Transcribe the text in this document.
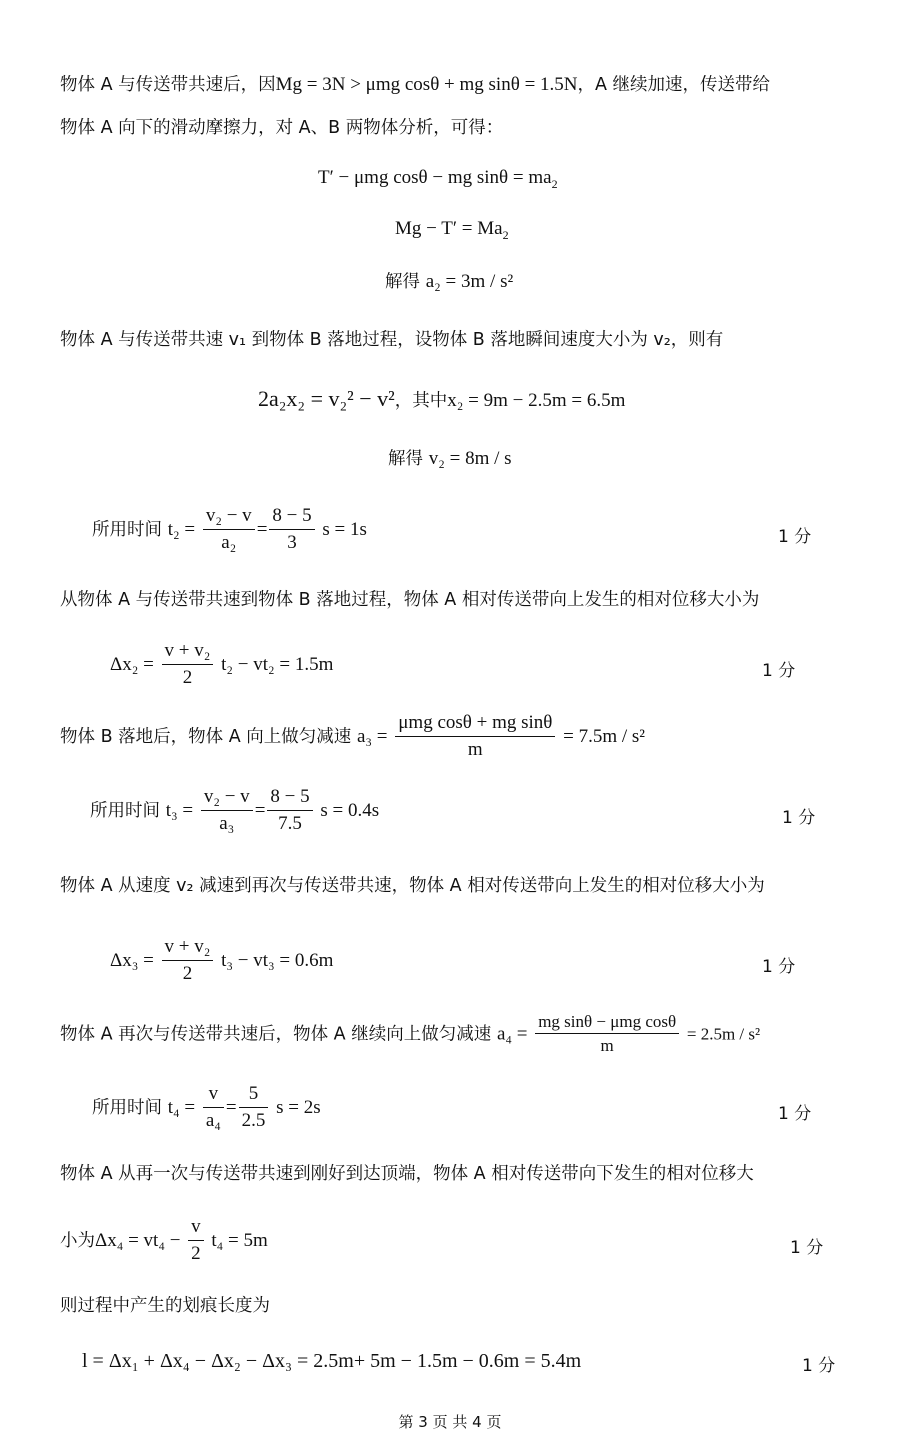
物体 A 与传送带共速后，因Mg = 3N > μmg cosθ + mg sinθ = 1.5N，A 继续加速，传送带给
物体 A 向下的滑动摩擦力，对 A、B 两物体分析，可得：
T′ − μmg cosθ − mg $\sin\theta = ma_2$
$Mg - T' = Ma_2$
解得 a₂ = 3m / s²
物体 A 与传送带共速 v₁ 到物体 B 落地过程，设物体 B 落地瞬间速度大小为 v₂，则有
2a₂x₂ = v₂² − v²，其中x₂ = 9m − 2.5m = 6.5m
解得 v₂ = 8m / s
所用时间 $t_2 = \frac{\text{v₂ − v}}{\text{a₂}} = \frac{8 - 5}{3}$ s = 1s	1 分
从物体 A 与传送带共速到物体 B 落地过程，物体 A 相对传送带向上发生的相对位移大小为
$\Delta x_2 = \frac{\text{v + v₂}}{2} t_2 - vt_2 = 1.5m$	1 分
物体 B 落地后，物体 A 向上做匀减速 $a_3 = \frac{\text{μmg cosθ + mg sinθ}}{m} = 7.5m / s^2$
所用时间 $t_3 = \frac{\text{v₂ − v}}{\text{a₃}} = \frac{8 - 5}{7.5}$ s = 0.4s	1 分
物体 A 从速度 v₂ 减速到再次与传送带共速，物体 A 相对传送带向上发生的相对位移大小为
$\Delta x_3 = \frac{\text{v + v₂}}{2} t_3 - vt_3 = 0.6m$	1 分
物体 A 再次与传送带共速后，物体 A 继续向上做匀减速 $a_4 = \frac{\text{mg sinθ − μmg cosθ}}{m} = 2.5m / s^2$
所用时间 $t_4 = \frac{v}{\text{a₄}} = \frac{5}{2.5}$ s = 2s	1 分
物体 A 从再一次与传送带共速到刚好到达顶端，物体 A 相对传送带向下发生的相对位移大
小为$\Delta x_4 = vt_4 - \frac{v}{2} t_4 = 5m$	1 分
则过程中产生的划痕长度为
l = Δx₁ + Δx₄ − Δx₂ − Δx₃ = 2.5m+ 5m − 1.5m − 0.6m = 5.4m	1 分
第 3 页 共 4 页
